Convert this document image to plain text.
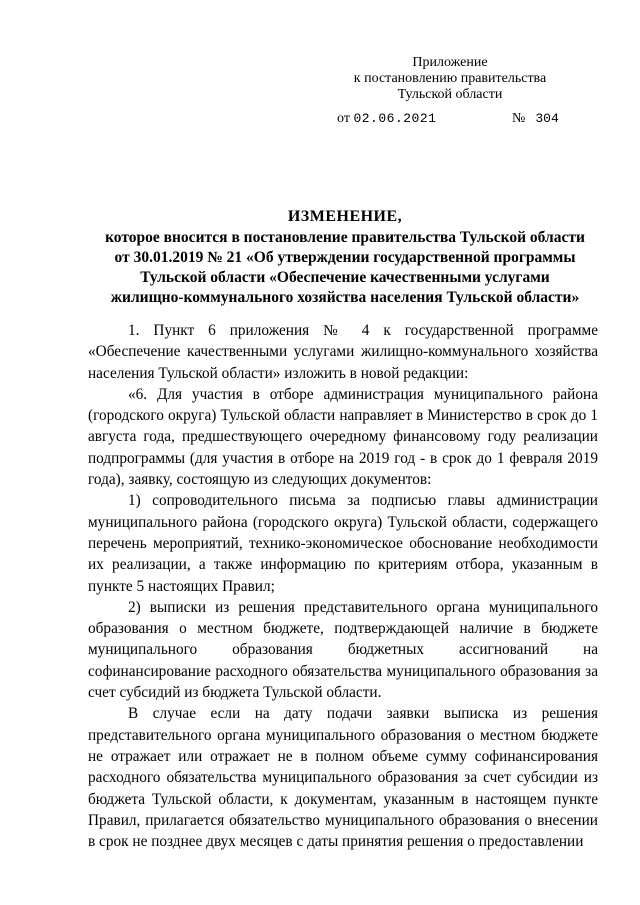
Приложение
к постановлению правительства
Тульской области
от 02.06.2021	№ 304
ИЗМЕНЕНИЕ,
которое вносится в постановление правительства Тульской области
от 30.01.2019 № 21 «Об утверждении государственной программы
Тульской области «Обеспечение качественными услугами
жилищно-коммунального хозяйства населения Тульской области»

1. Пункт 6 приложения № 4 к государственной программе «Обеспечение качественными услугами жилищно-коммунального хозяйства населения Тульской области» изложить в новой редакции:

«6. Для участия в отборе администрация муниципального района (городского округа) Тульской области направляет в Министерство в срок до 1 августа года, предшествующего очередному финансовому году реализации подпрограммы (для участия в отборе на 2019 год - в срок до 1 февраля 2019 года), заявку, состоящую из следующих документов:

1) сопроводительного письма за подписью главы администрации муниципального района (городского округа) Тульской области, содержащего перечень мероприятий, технико-экономическое обоснование необходимости их реализации, а также информацию по критериям отбора, указанным в пункте 5 настоящих Правил;

2) выписки из решения представительного органа муниципального образования о местном бюджете, подтверждающей наличие в бюджете муниципального образования бюджетных ассигнований на софинансирование расходного обязательства муниципального образования за счет субсидий из бюджета Тульской области.

В случае если на дату подачи заявки выписка из решения представительного органа муниципального образования о местном бюджете не отражает или отражает не в полном объеме сумму софинансирования расходного обязательства муниципального образования за счет субсидии из бюджета Тульской области, к документам, указанным в настоящем пункте Правил, прилагается обязательство муниципального образования о внесении в срок не позднее двух месяцев с даты принятия решения о предоставлении
